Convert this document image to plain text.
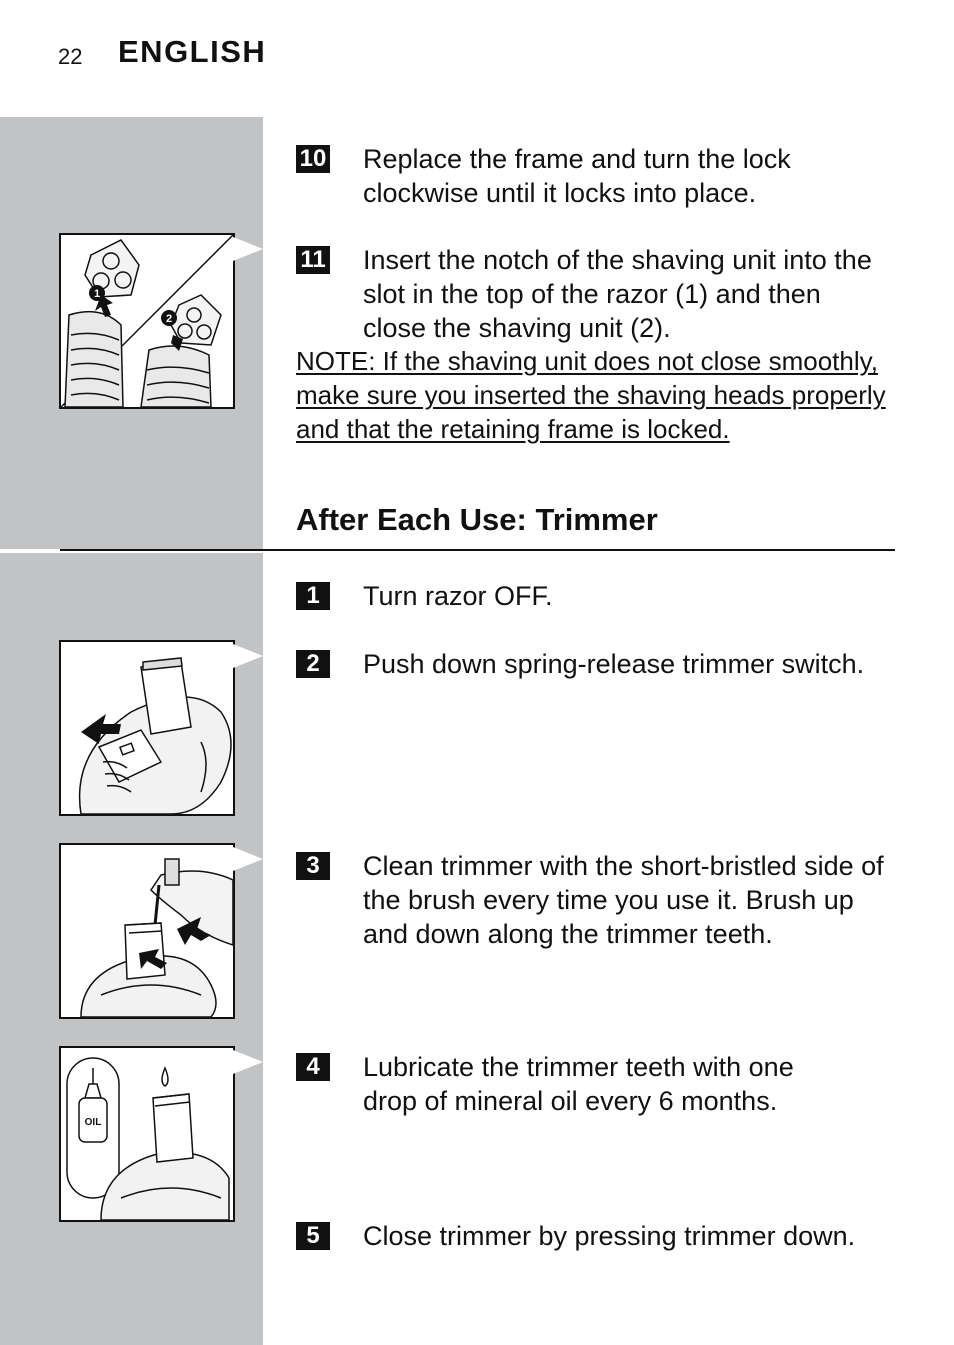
22 ENGLISH
1
2
OIL
10 Replace the frame and turn the lock clockwise until it locks into place.
11 Insert the notch of the shaving unit into the slot in the top of the razor (1) and then close the shaving unit (2).
NOTE: If the shaving unit does not close smoothly, make sure you inserted the shaving heads properly and that the retaining frame is locked.
After Each Use: Trimmer
1	Turn razor OFF.
2	Push down spring-release trimmer switch.
3	Clean trimmer with the short-bristled side of the brush every time you use it. Brush up and down along the trimmer teeth.
4	Lubricate the trimmer teeth with one drop of mineral oil every 6 months.
5	Close trimmer by pressing trimmer down.
